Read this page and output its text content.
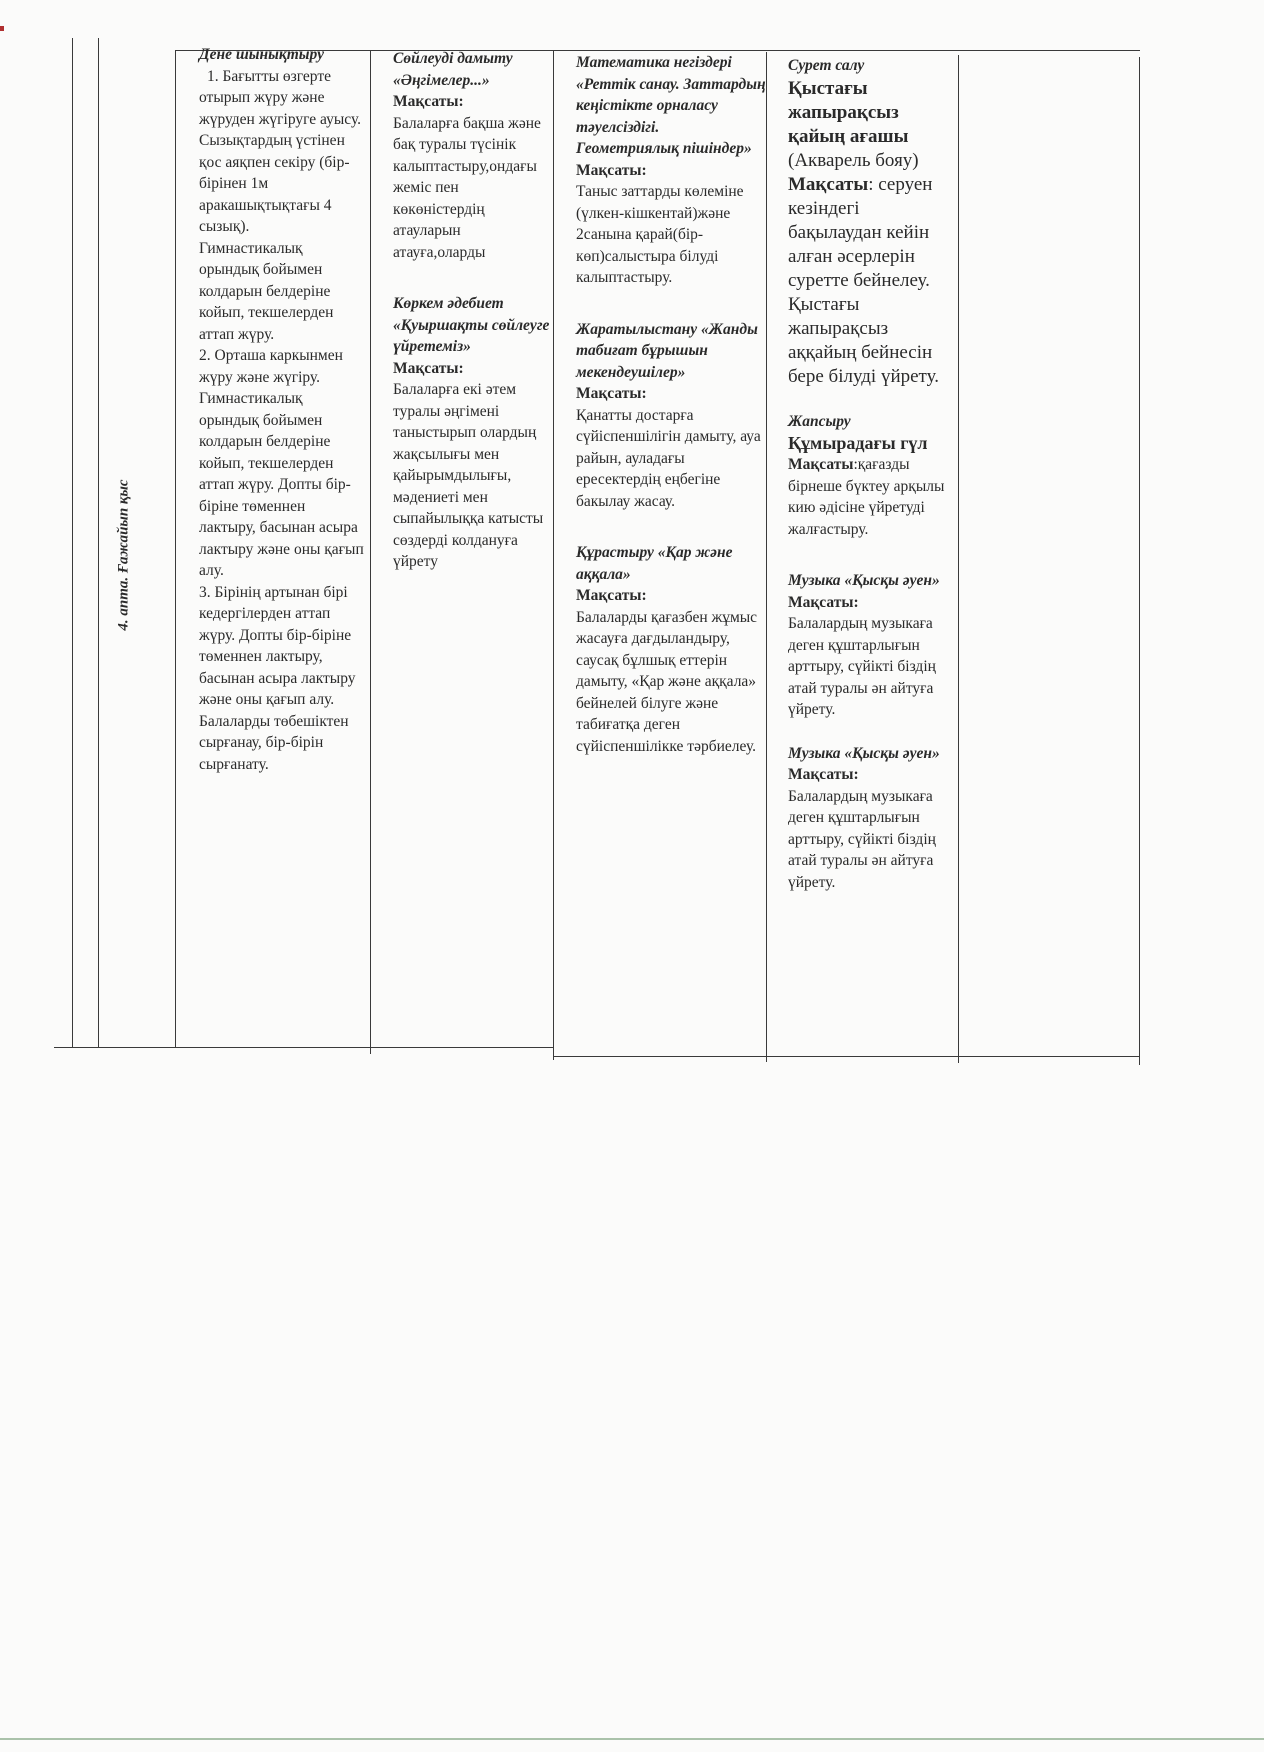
4. апта. Ғажайып қыс

Дене шынықтыру

1. Бағытты өзгерте отырып жүру және жүруден жүгіруге ауысу. Сызықтардың үстінен қос аяқпен секіру (бір-бірінен 1м аракашықтықтағы 4 сызық).

Гимнастикалық орындық бойымен колдарын белдеріне койып, текшелерден аттап жүру.

2. Орташа каркынмен жүру және жүгіру.

Гимнастикалық орындық бойымен колдарын белдеріне койып, текшелерден аттап жүру. Допты бір-біріне төменнен лактыру, басынан асыра лактыру және оны қағып алу.

3. Бірінің артынан бірі кедергілерден аттап жүру. Допты бір-біріне төменнен лактыру, басынан асыра лактыру және оны қағып алу.

Балаларды төбешіктен сырғанау, бір-бірін сырғанату.

Сөйлеуді дамыту «Әңгімелер...»

Мақсаты:

Балаларға бақша және бақ туралы түсінік калыптастыру,ондағы жеміс пен көкөністердің атауларын атауға,оларды

Көркем әдебиет «Қуыршақты сөйлеуге үйретеміз»

Мақсаты:

Балаларға екі әтем туралы әңгімені таныстырып олардың жақсылығы мен қайырымдылығы, мәдениеті мен сыпайылыққа катысты сөздерді колдануға үйрету

Математика негіздері «Реттік санау. Заттардың кеңістікте орналасу тәуелсіздігі. Геометриялық пішіндер»

Мақсаты:

Таныс заттарды көлеміне (үлкен-кішкентай)және 2санына қарай(бір-көп)салыстыра білуді калыптастыру.

Жаратылыстану «Жанды табиғат бұрышын мекендеушілер»

Мақсаты:

Қанатты достарға сүйіспеншілігін дамыту, ауа райын, ауладағы ересектердің еңбегіне бакылау жасау.

Құрастыру «Қар және аққала»

Мақсаты:

Балаларды қағазбен жұмыс жасауға дағдыландыру, саусақ бұлшық еттерін дамыту, «Қар және аққала» бейнелей білуге және табиғатқа деген сүйіспеншілікке тәрбиелеу.

Сурет салу

Қыстағы жапырақсыз қайың ағашы

(Акварель бояу)

Мақсаты: серуен кезіндегі бақылаудан кейін алған әсерлерін суретте бейнелеу. Қыстағы жапырақсыз аққайың бейнесін бере білуді үйрету.

Жапсыру

Құмырадағы гүл

Мақсаты:қағазды бірнеше бүктеу арқылы кию әдісіне үйретуді жалғастыру.

Музыка «Қысқы әуен»

Мақсаты:

Балалардың музыкаға деген құштарлығын арттыру, сүйікті біздің атай туралы ән айтуға үйрету.

Музыка «Қысқы әуен»

Мақсаты:

Балалардың музыкаға деген құштарлығын арттыру, сүйікті біздің атай туралы ән айтуға үйрету.
